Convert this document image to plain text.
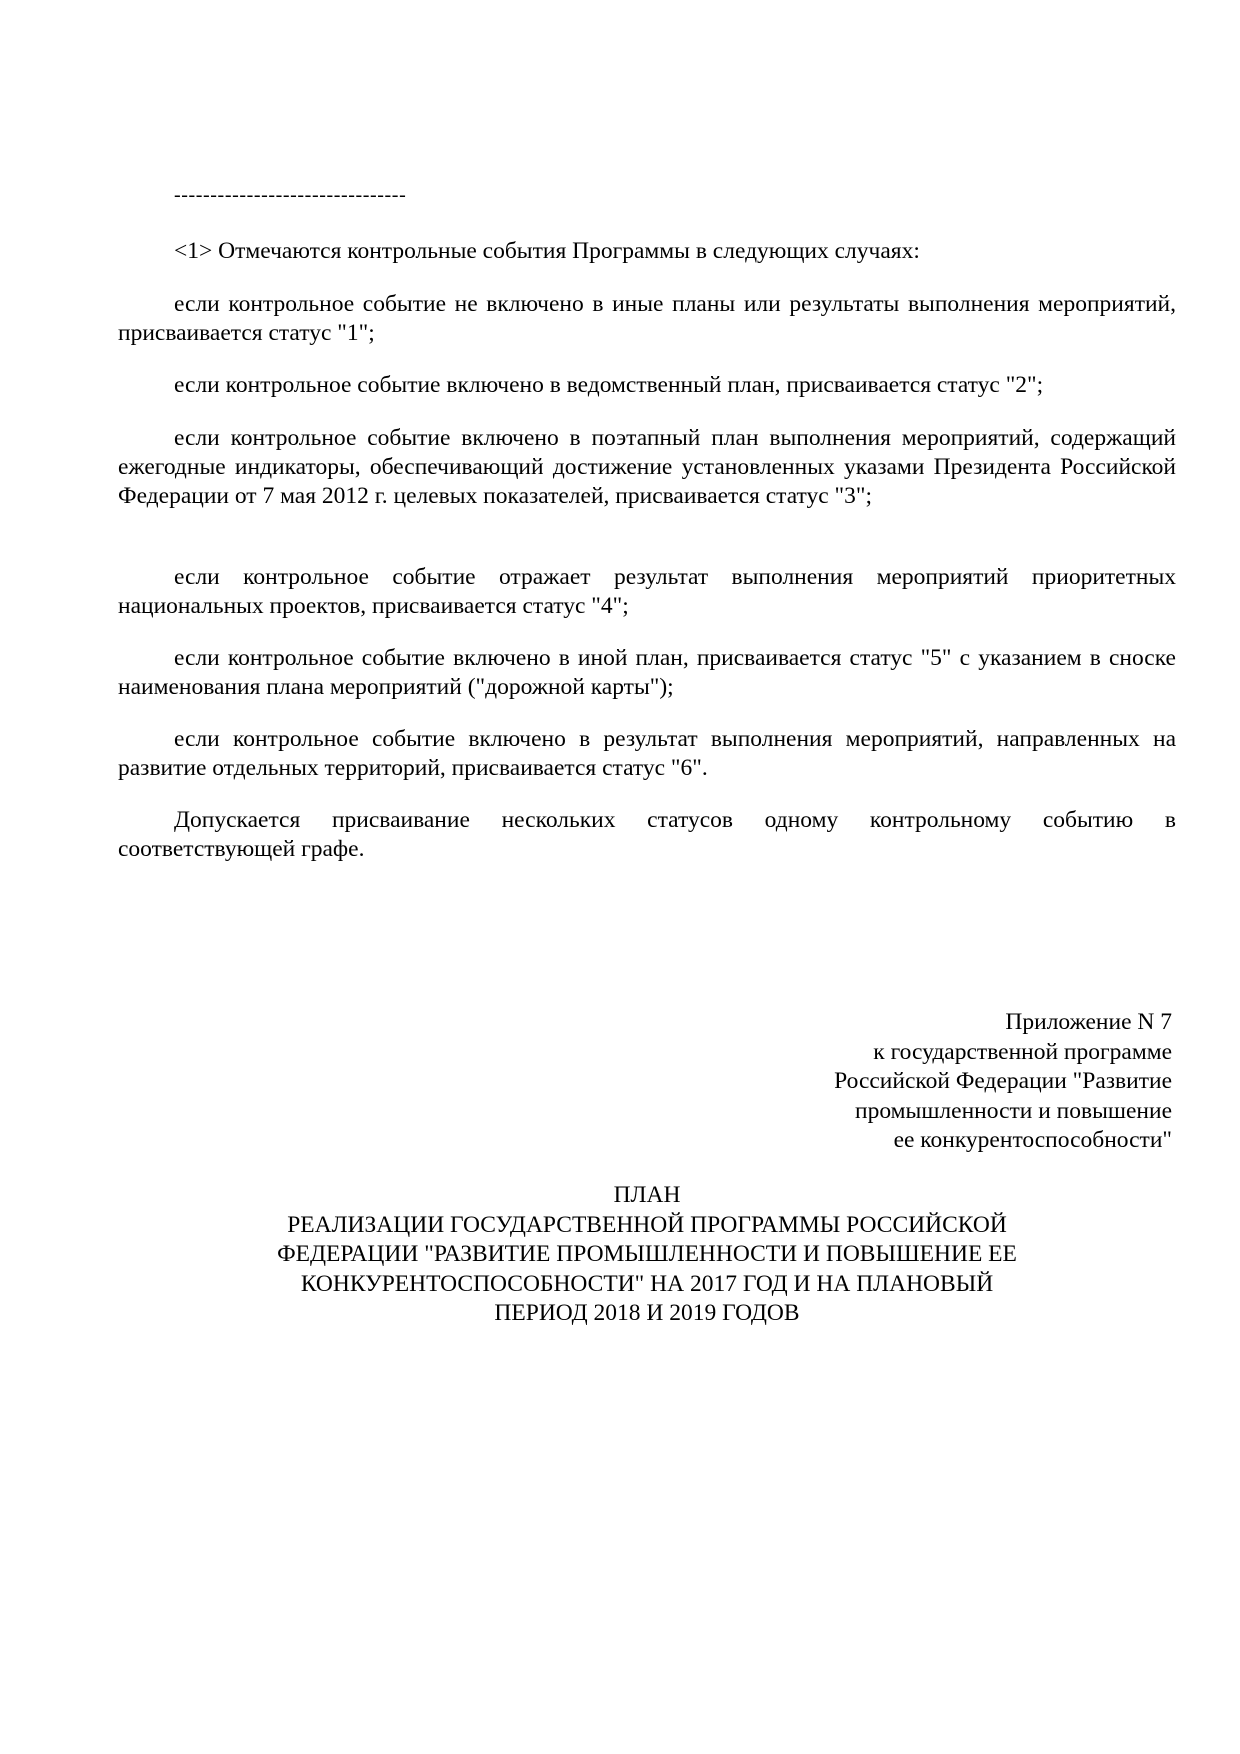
--------------------------------
<1> Отмечаются контрольные события Программы в следующих случаях:

если контрольное событие не включено в иные планы или результаты выполнения мероприятий, присваивается статус "1";

если контрольное событие включено в ведомственный план, присваивается статус "2";

если контрольное событие включено в поэтапный план выполнения мероприятий, содержащий ежегодные индикаторы, обеспечивающий достижение установленных указами Президента Российской Федерации от 7 мая 2012 г. целевых показателей, присваивается статус "3";

если контрольное событие отражает результат выполнения мероприятий приоритетных национальных проектов, присваивается статус "4";

если контрольное событие включено в иной план, присваивается статус "5" с указанием в сноске наименования плана мероприятий ("дорожной карты");

если контрольное событие включено в результат выполнения мероприятий, направленных на развитие отдельных территорий, присваивается статус "6".

Допускается присваивание нескольких статусов одному контрольному событию в соответствующей графе.

Приложение N 7
к государственной программе
Российской Федерации "Развитие
промышленности и повышение
ее конкурентоспособности"
ПЛАН
РЕАЛИЗАЦИИ ГОСУДАРСТВЕННОЙ ПРОГРАММЫ РОССИЙСКОЙ
ФЕДЕРАЦИИ "РАЗВИТИЕ ПРОМЫШЛЕННОСТИ И ПОВЫШЕНИЕ ЕЕ
КОНКУРЕНТОСПОСОБНОСТИ" НА 2017 ГОД И НА ПЛАНОВЫЙ
ПЕРИОД 2018 И 2019 ГОДОВ
